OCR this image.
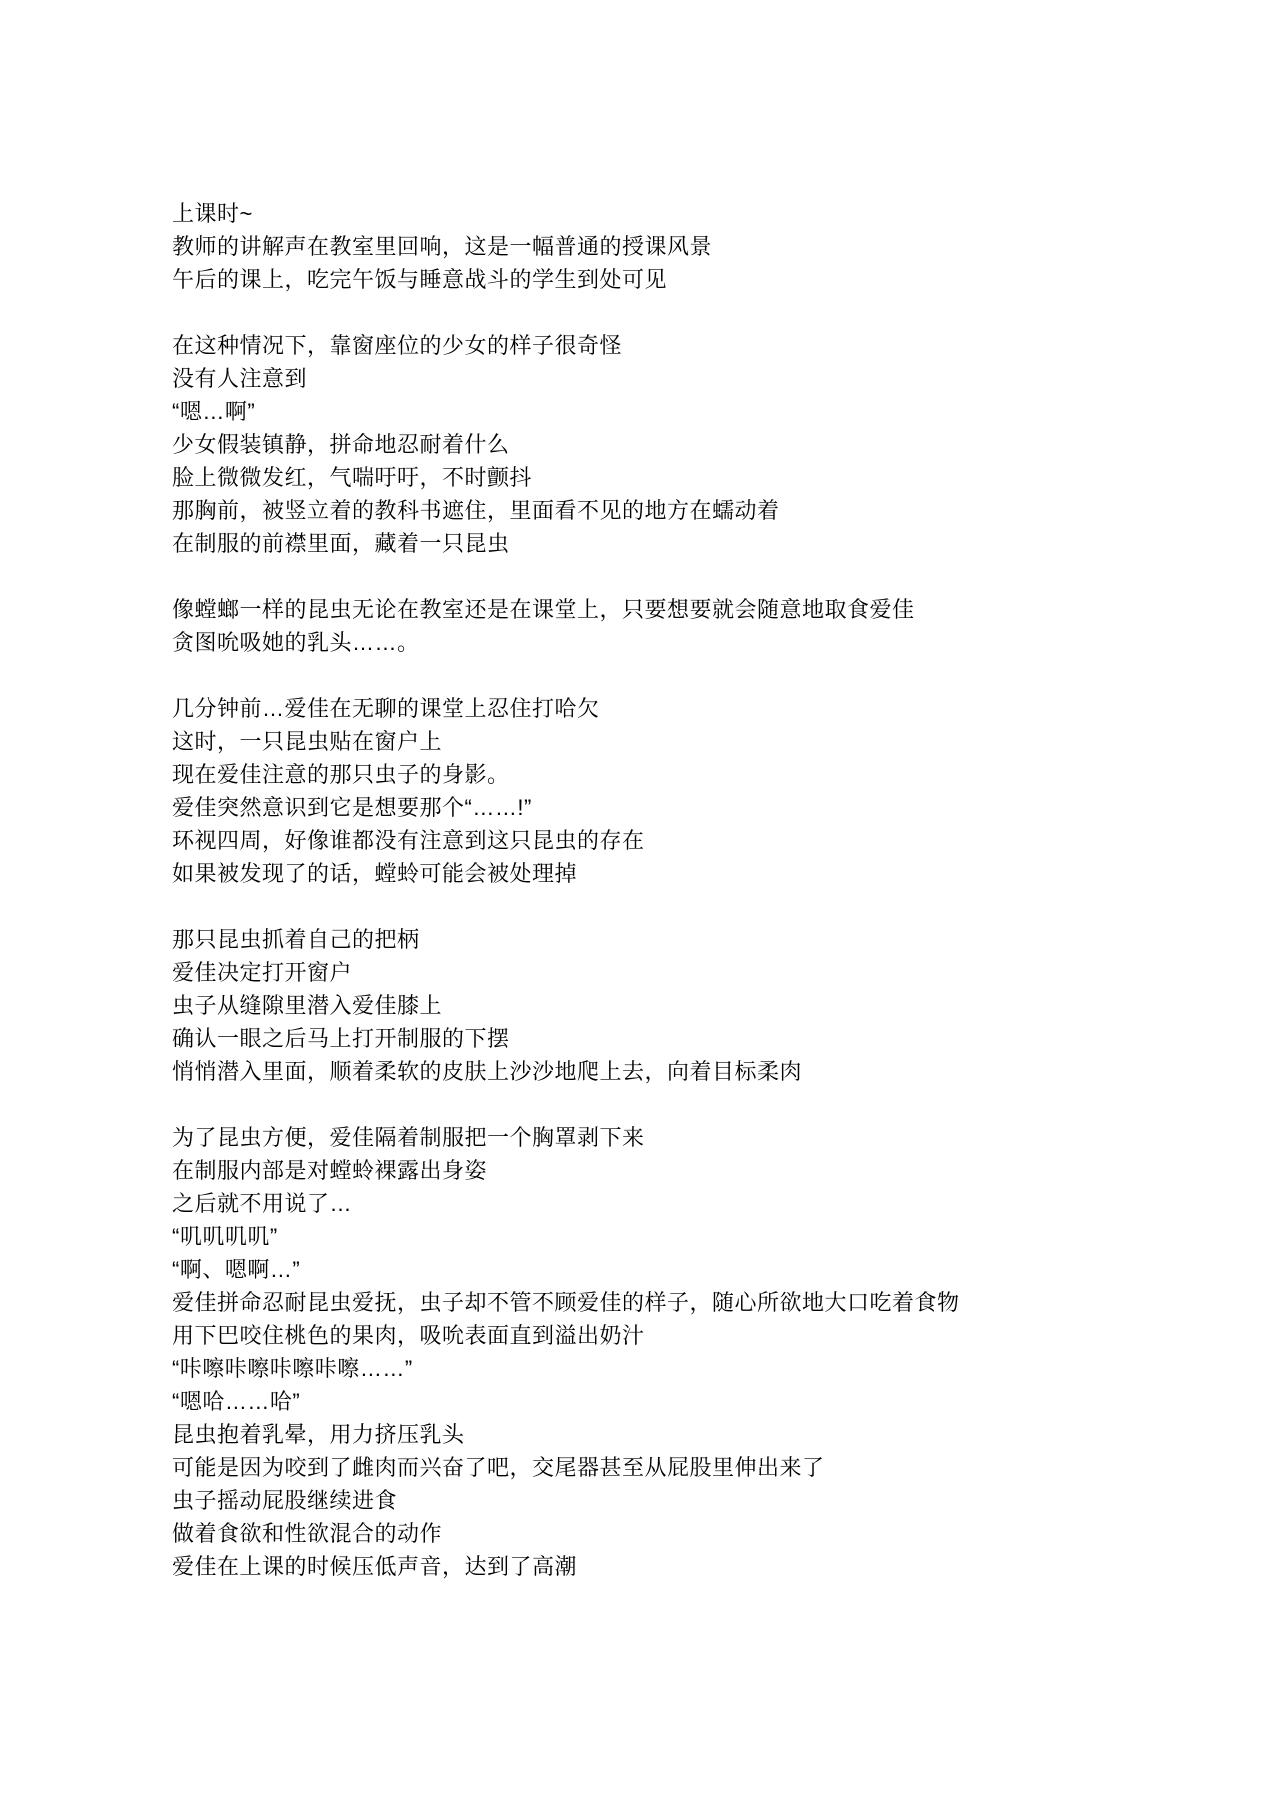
上课时~
教师的讲解声在教室里回响，这是一幅普通的授课风景
午后的课上，吃完午饭与睡意战斗的学生到处可见
在这种情况下，靠窗座位的少女的样子很奇怪
没有人注意到
“嗯…啊”
少女假装镇静，拼命地忍耐着什么
脸上微微发红，气喘吁吁，不时颤抖
那胸前，被竖立着的教科书遮住，里面看不见的地方在蠕动着
在制服的前襟里面，藏着一只昆虫
像螳螂一样的昆虫无论在教室还是在课堂上，只要想要就会随意地取食爱佳
贪图吮吸她的乳头……。
几分钟前…爱佳在无聊的课堂上忍住打哈欠
这时，一只昆虫贴在窗户上
现在爱佳注意的那只虫子的身影。
爱佳突然意识到它是想要那个“……!”
环视四周，好像谁都没有注意到这只昆虫的存在
如果被发现了的话，螳蛉可能会被处理掉
那只昆虫抓着自己的把柄
爱佳决定打开窗户
虫子从缝隙里潜入爱佳膝上
确认一眼之后马上打开制服的下摆
悄悄潜入里面，顺着柔软的皮肤上沙沙地爬上去，向着目标柔肉
为了昆虫方便，爱佳隔着制服把一个胸罩剥下来
在制服内部是对螳蛉裸露出身姿
之后就不用说了…
“叽叽叽叽”
“啊、嗯啊…”
爱佳拼命忍耐昆虫爱抚，虫子却不管不顾爱佳的样子，随心所欲地大口吃着食物
用下巴咬住桃色的果肉，吸吮表面直到溢出奶汁
“咔嚓咔嚓咔嚓咔嚓……”
“嗯哈……哈”
昆虫抱着乳晕，用力挤压乳头
可能是因为咬到了雌肉而兴奋了吧，交尾器甚至从屁股里伸出来了
虫子摇动屁股继续进食
做着食欲和性欲混合的动作
爱佳在上课的时候压低声音，达到了高潮
